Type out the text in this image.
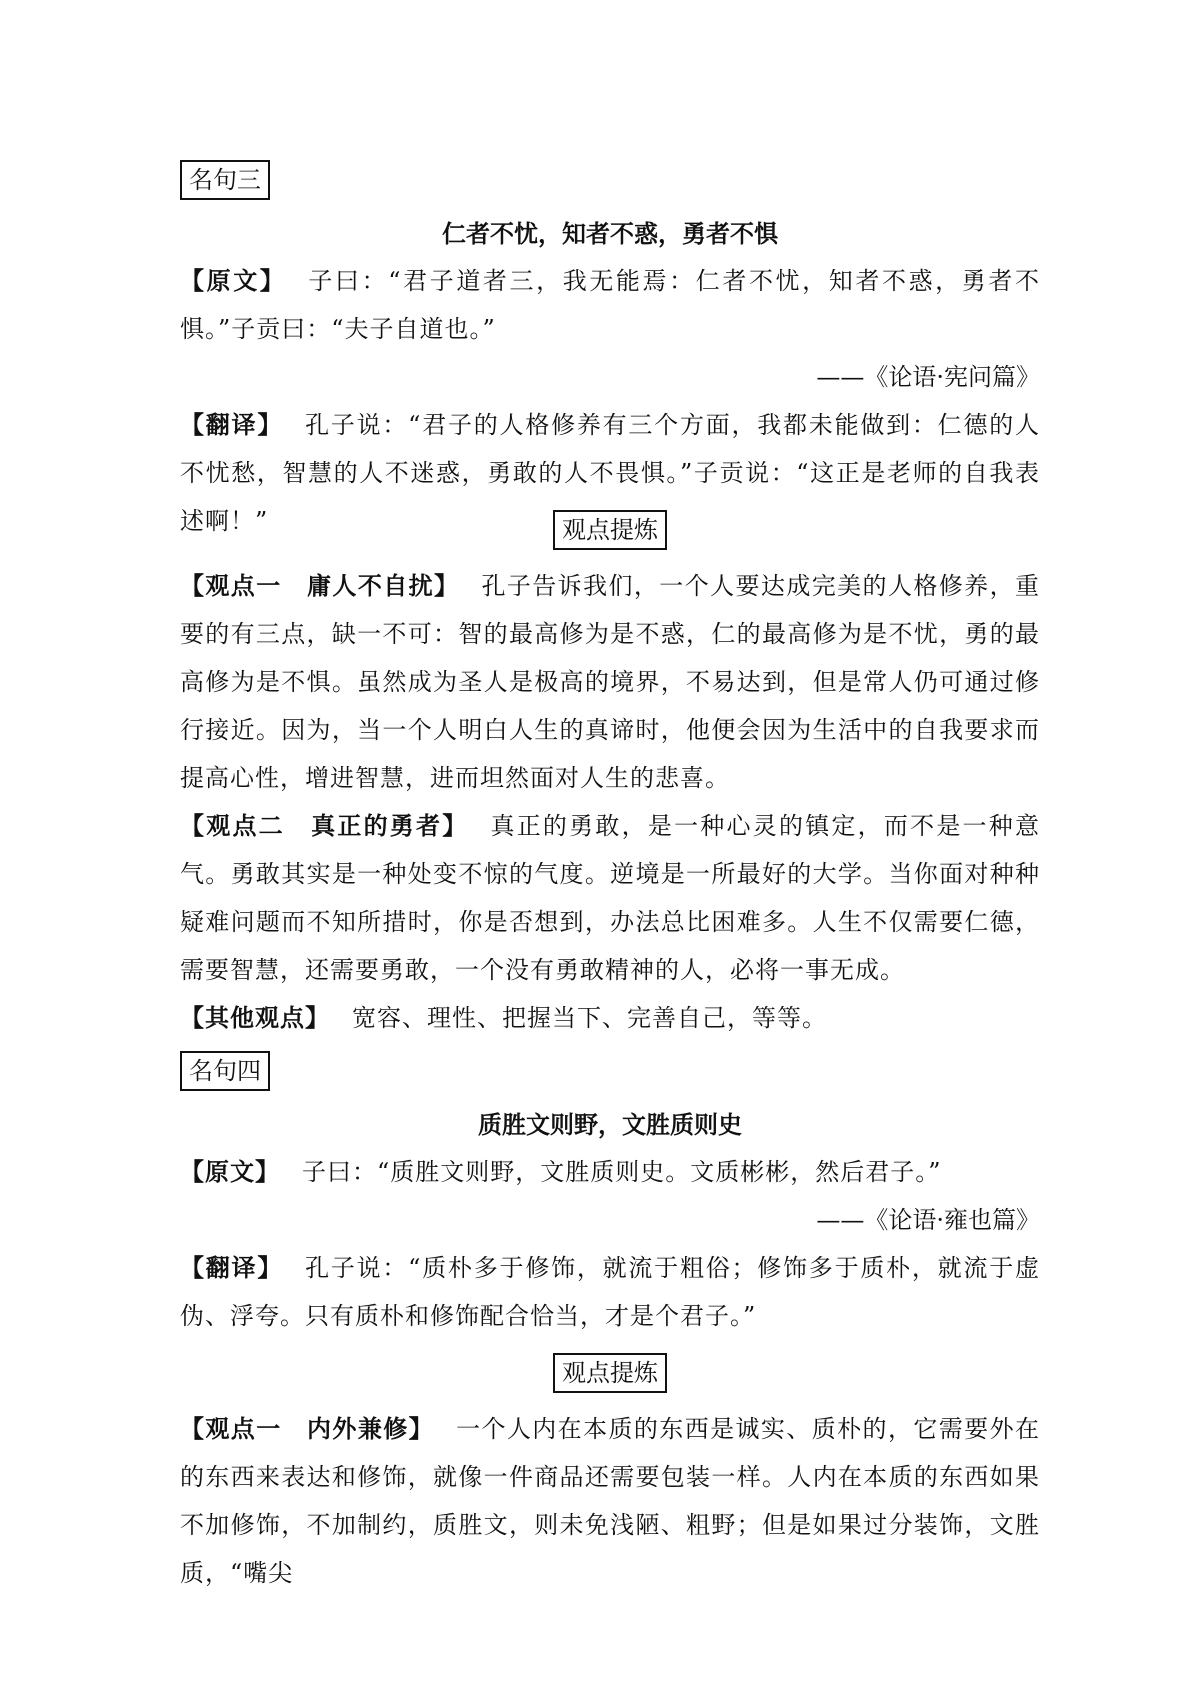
名句三
仁者不忧，知者不惑，勇者不惧
【原文】 子曰：“君子道者三，我无能焉：仁者不忧，知者不惑，勇者不惧。”子贡曰：“夫子自道也。”
——《论语·宪问篇》
【翻译】 孔子说：“君子的人格修养有三个方面，我都未能做到：仁德的人不忧愁，智慧的人不迷惑，勇敢的人不畏惧。”子贡说：“这正是老师的自我表述啊！”	观点提炼
【观点一　庸人不自扰】 孔子告诉我们，一个人要达成完美的人格修养，重要的有三点，缺一不可：智的最高修为是不惑，仁的最高修为是不忧，勇的最高修为是不惧。虽然成为圣人是极高的境界，不易达到，但是常人仍可通过修行接近。因为，当一个人明白人生的真谛时，他便会因为生活中的自我要求而提高心性，增进智慧，进而坦然面对人生的悲喜。
【观点二　真正的勇者】 真正的勇敢，是一种心灵的镇定，而不是一种意气。勇敢其实是一种处变不惊的气度。逆境是一所最好的大学。当你面对种种疑难问题而不知所措时，你是否想到，办法总比困难多。人生不仅需要仁德，需要智慧，还需要勇敢，一个没有勇敢精神的人，必将一事无成。
【其他观点】 宽容、理性、把握当下、完善自己，等等。
名句四
质胜文则野，文胜质则史
【原文】 子曰：“质胜文则野，文胜质则史。文质彬彬，然后君子。”
——《论语·雍也篇》
【翻译】 孔子说：“质朴多于修饰，就流于粗俗；修饰多于质朴，就流于虚伪、浮夸。只有质朴和修饰配合恰当，才是个君子。”
观点提炼
【观点一　内外兼修】 一个人内在本质的东西是诚实、质朴的，它需要外在的东西来表达和修饰，就像一件商品还需要包装一样。人内在本质的东西如果不加修饰，不加制约，质胜文，则未免浅陋、粗野；但是如果过分装饰，文胜质，“嘴尖
